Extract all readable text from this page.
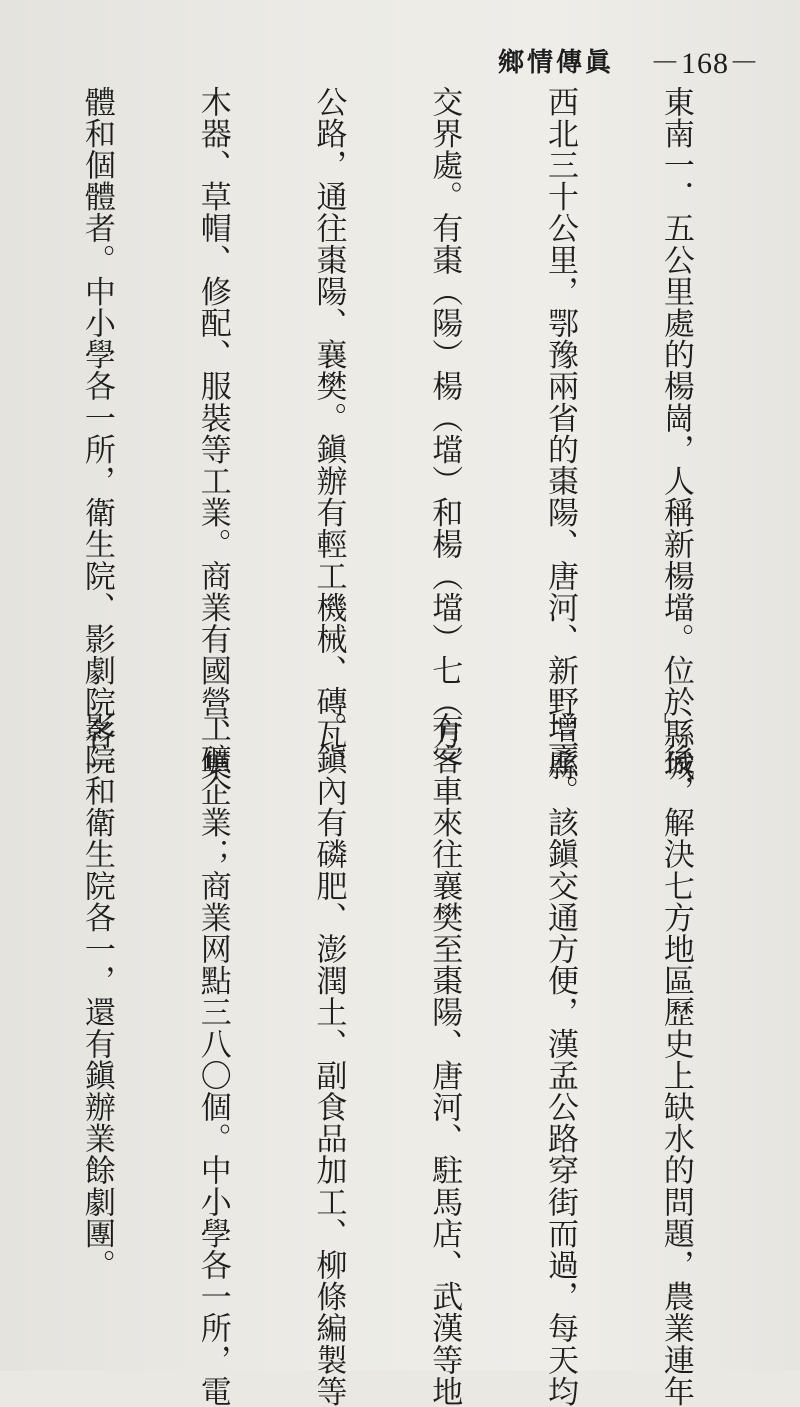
鄉情傳眞 －168－

東南一．五公里處的楊崗，人稱新楊壋。位於縣城

西北三十公里，鄂豫兩省的棗陽、唐河、新野三縣

交界處。有棗（陽）楊（壋）和楊（壋）七（方）

公路，通往棗陽、襄樊。鎭辦有輕工機械、磚瓦、

木器、草帽、修配、服裝等工業。商業有國營、集

體和個體者。中小學各一所，衛生院、影劇院各一

」後，解決七方地區歷史上缺水的問題，農業連年

增產。該鎭交通方便，漢孟公路穿街而過，每天均

有客車來往襄樊至棗陽、唐河、駐馬店、武漢等地

。鎭內有磷肥、澎潤土、副食品加工、柳條編製等

工礦企業；商業网點三八〇個。中小學各一所，電

影院和衛生院各一，還有鎭辦業餘劇團。
